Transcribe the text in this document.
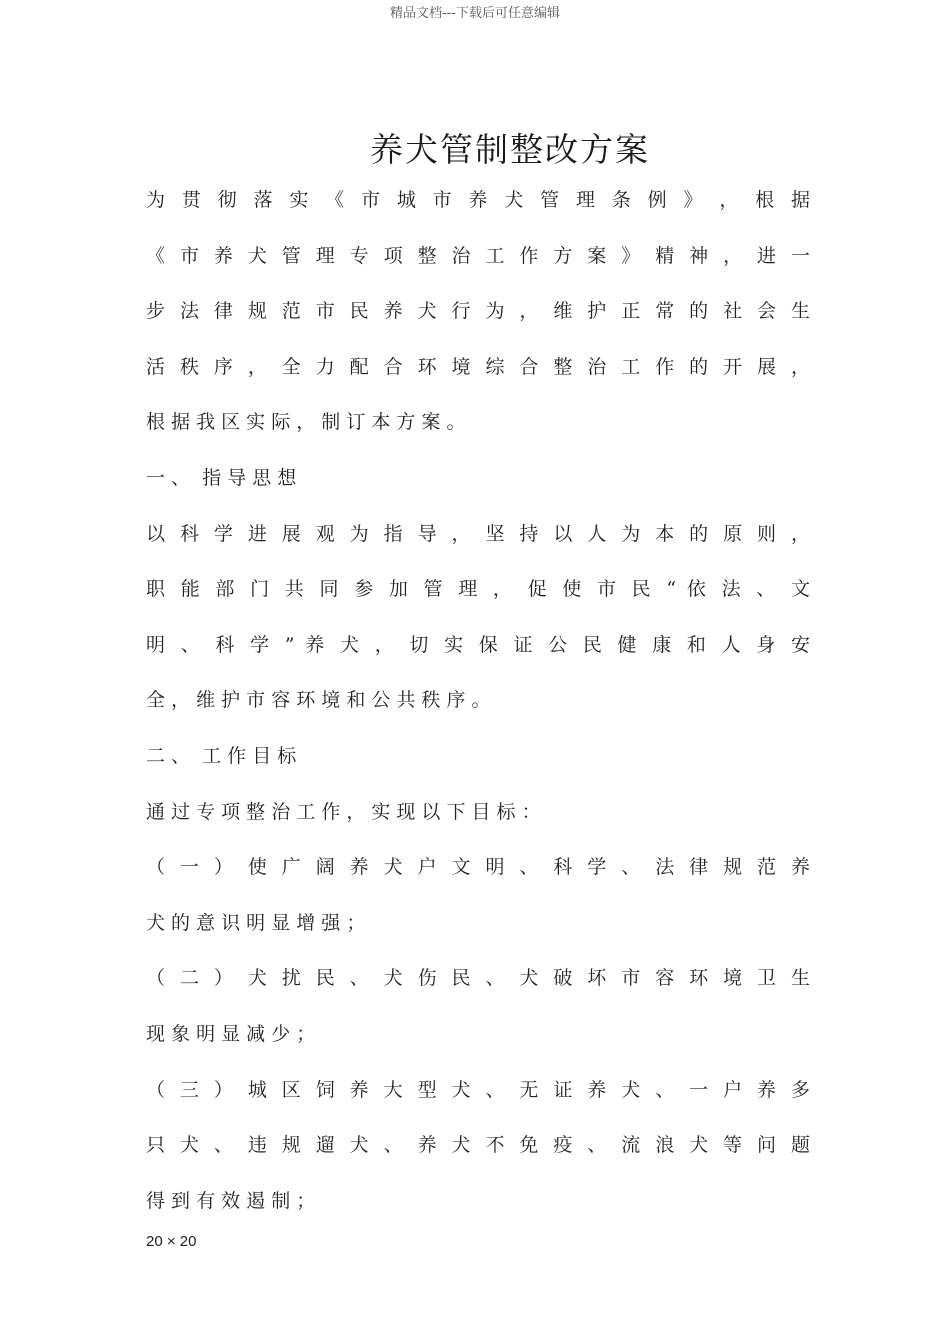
精品文档---下载后可任意编辑
养犬管制整改方案
为 贯 彻 落 实 《 市 城 市 养 犬 管 理 条 例 》 ， 根 据
《 市 养 犬 管 理 专 项 整 治 工 作 方 案 》 精 神 ， 进 一
步 法 律 规 范 市 民 养 犬 行 为 ， 维 护 正 常 的 社 会 生
活 秩 序 ， 全 力 配 合 环 境 综 合 整 治 工 作 的 开 展 ，
根 据 我 区 实 际 ， 制 订 本 方 案 。
一 、  指 导 思 想
以 科 学 进 展 观 为 指 导 ， 坚 持 以 人 为 本 的 原 则 ，
职 能 部 门 共 同 参 加 管 理 ， 促 使 市 民 “ 依 法 、 文
明 、 科 学 ” 养 犬 ， 切 实 保 证 公 民 健 康 和 人 身 安
全 ， 维 护 市 容 环 境 和 公 共 秩 序 。
二 、  工 作 目 标
通 过 专 项 整 治 工 作 ， 实 现 以 下 目 标 ：
（ 一 ） 使 广 阔 养 犬 户 文 明 、 科 学 、 法 律 规 范 养
犬 的 意 识 明 显 增 强 ；
（ 二 ） 犬 扰 民 、 犬 伤 民 、 犬 破 坏 市 容 环 境 卫 生
现 象 明 显 减 少 ；
（ 三 ） 城 区 饲 养 大 型 犬 、 无 证 养 犬 、 一 户 养 多
只 犬 、 违 规 遛 犬 、 养 犬 不 免 疫 、 流 浪 犬 等 问 题
得 到 有 效 遏 制 ；
20 × 20
